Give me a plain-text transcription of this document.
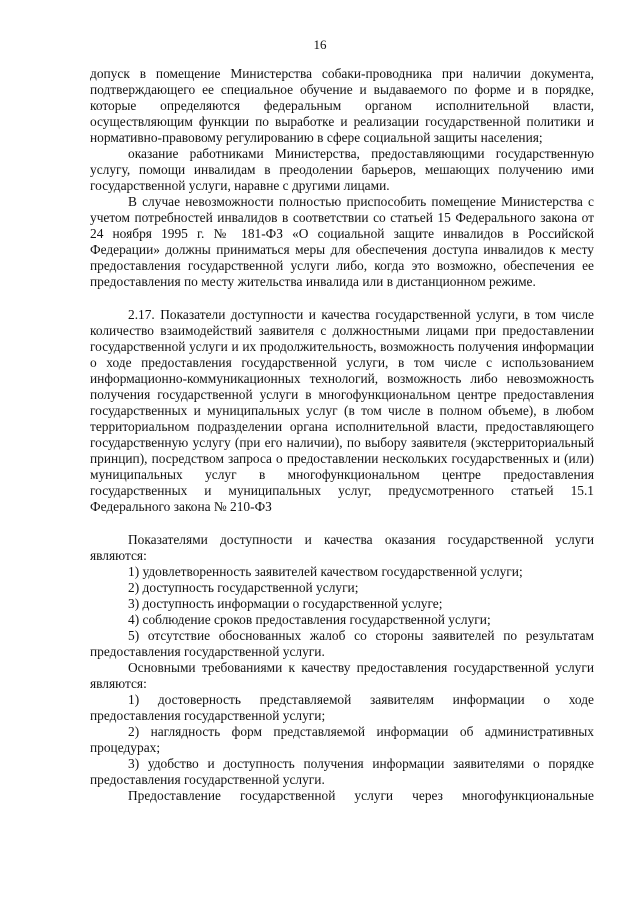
16

допуск в помещение Министерства собаки-проводника при наличии документа, подтверждающего ее специальное обучение и выдаваемого по форме и в порядке, которые определяются федеральным органом исполнительной власти, осуществляющим функции по выработке и реализации государственной политики и нормативно-правовому регулированию в сфере социальной защиты населения;

оказание работниками Министерства, предоставляющими государственную услугу, помощи инвалидам в преодолении барьеров, мешающих получению ими государственной услуги, наравне с другими лицами.

В случае невозможности полностью приспособить помещение Министерства с учетом потребностей инвалидов в соответствии со статьей 15 Федерального закона от 24 ноября 1995 г. № 181-ФЗ «О социальной защите инвалидов в Российской Федерации» должны приниматься меры для обеспечения доступа инвалидов к месту предоставления государственной услуги либо, когда это возможно, обеспечения ее предоставления по месту жительства инвалида или в дистанционном режиме.

2.17. Показатели доступности и качества государственной услуги, в том числе количество взаимодействий заявителя с должностными лицами при предоставлении государственной услуги и их продолжительность, возможность получения информации о ходе предоставления государственной услуги, в том числе с использованием информационно-коммуникационных технологий, возможность либо невозможность получения государственной услуги в многофункциональном центре предоставления государственных и муниципальных услуг (в том числе в полном объеме), в любом территориальном подразделении органа исполнительной власти, предоставляющего государственную услугу (при его наличии), по выбору заявителя (экстерриториальный принцип), посредством запроса о предоставлении нескольких государственных и (или) муниципальных услуг в многофункциональном центре предоставления государственных и муниципальных услуг, предусмотренного статьей 15.1 Федерального закона № 210-ФЗ

Показателями доступности и качества оказания государственной услуги являются:

1) удовлетворенность заявителей качеством государственной услуги;

2) доступность государственной услуги;

3) доступность информации о государственной услуге;

4) соблюдение сроков предоставления государственной услуги;

5) отсутствие обоснованных жалоб со стороны заявителей по результатам предоставления государственной услуги.

Основными требованиями к качеству предоставления государственной услуги являются:

1) достоверность представляемой заявителям информации о ходе предоставления государственной услуги;

2) наглядность форм представляемой информации об административных процедурах;

3) удобство и доступность получения информации заявителями о порядке предоставления государственной услуги.

Предоставление государственной услуги через многофункциональные
